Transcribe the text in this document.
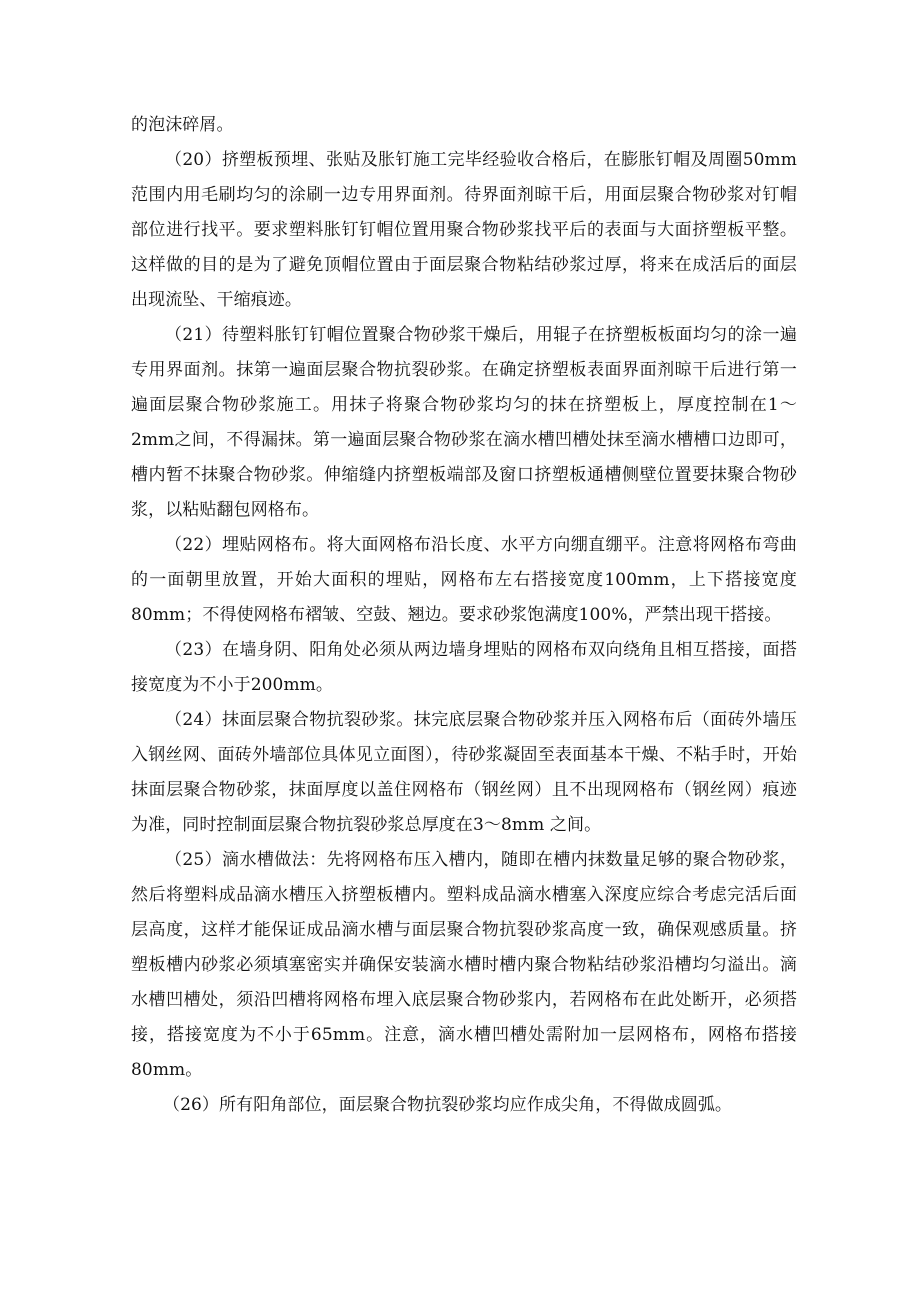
的泡沫碎屑。

（20）挤塑板预埋、张贴及胀钉施工完毕经验收合格后，在膨胀钉帽及周圈50mm范围内用毛刷均匀的涂刷一边专用界面剂。待界面剂晾干后，用面层聚合物砂浆对钉帽部位进行找平。要求塑料胀钉钉帽位置用聚合物砂浆找平后的表面与大面挤塑板平整。这样做的目的是为了避免顶帽位置由于面层聚合物粘结砂浆过厚，将来在成活后的面层出现流坠、干缩痕迹。

（21）待塑料胀钉钉帽位置聚合物砂浆干燥后，用辊子在挤塑板板面均匀的涂一遍专用界面剂。抹第一遍面层聚合物抗裂砂浆。在确定挤塑板表面界面剂晾干后进行第一遍面层聚合物砂浆施工。用抹子将聚合物砂浆均匀的抹在挤塑板上，厚度控制在1～2mm之间，不得漏抹。第一遍面层聚合物砂浆在滴水槽凹槽处抹至滴水槽槽口边即可，槽内暂不抹聚合物砂浆。伸缩缝内挤塑板端部及窗口挤塑板通槽侧壁位置要抹聚合物砂浆，以粘贴翻包网格布。

（22）埋贴网格布。将大面网格布沿长度、水平方向绷直绷平。注意将网格布弯曲的一面朝里放置，开始大面积的埋贴，网格布左右搭接宽度100mm，上下搭接宽度80mm；不得使网格布褶皱、空鼓、翘边。要求砂浆饱满度100%，严禁出现干搭接。

（23）在墙身阴、阳角处必须从两边墙身埋贴的网格布双向绕角且相互搭接，面搭接宽度为不小于200mm。

（24）抹面层聚合物抗裂砂浆。抹完底层聚合物砂浆并压入网格布后（面砖外墙压入钢丝网、面砖外墙部位具体见立面图），待砂浆凝固至表面基本干燥、不粘手时，开始抹面层聚合物砂浆，抹面厚度以盖住网格布（钢丝网）且不出现网格布（钢丝网）痕迹为准，同时控制面层聚合物抗裂砂浆总厚度在3～8mm 之间。

（25）滴水槽做法：先将网格布压入槽内，随即在槽内抹数量足够的聚合物砂浆，然后将塑料成品滴水槽压入挤塑板槽内。塑料成品滴水槽塞入深度应综合考虑完活后面层高度，这样才能保证成品滴水槽与面层聚合物抗裂砂浆高度一致，确保观感质量。挤塑板槽内砂浆必须填塞密实并确保安装滴水槽时槽内聚合物粘结砂浆沿槽均匀溢出。滴水槽凹槽处，须沿凹槽将网格布埋入底层聚合物砂浆内，若网格布在此处断开，必须搭接，搭接宽度为不小于65mm。注意，滴水槽凹槽处需附加一层网格布，网格布搭接80mm。

（26）所有阳角部位，面层聚合物抗裂砂浆均应作成尖角，不得做成圆弧。
